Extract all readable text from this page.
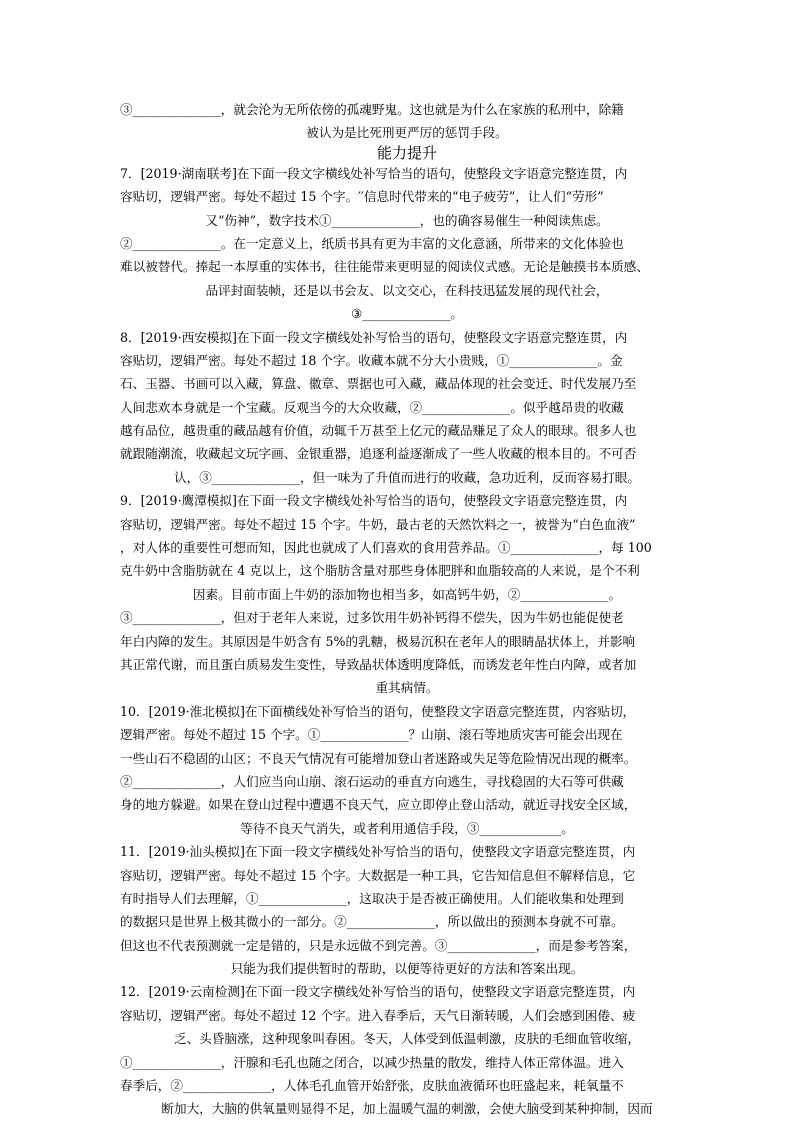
③______________，就会沦为无所依傍的孤魂野鬼。这也就是为什么在家族的私刑中，除籍
被认为是比死刑更严厉的惩罚手段。
能力提升
7．[2019·湖南联考]在下面一段文字横线处补写恰当的语句，使整段文字语意完整连贯，内
容贴切，逻辑严密。每处不超过 15 个字。′′信息时代带来的“电子疲劳”，让人们“劳形”
又“伤神”，数字技术①______________，也的确容易催生一种阅读焦虑。
②______________。在一定意义上，纸质书具有更为丰富的文化意涵，所带来的文化体验也
难以被替代。捧起一本厚重的实体书，往往能带来更明显的阅读仪式感。无论是触摸书本质感、
品评封面装帧，还是以书会友、以文交心，在科技迅猛发展的现代社会，
③______________。
8．[2019·西安模拟]在下面一段文字横线处补写恰当的语句，使整段文字语意完整连贯，内
容贴切，逻辑严密。每处不超过 18 个字。收藏本就不分大小贵贱，①______________。金
石、玉器、书画可以入藏，算盘、徽章、票据也可入藏，藏品体现的社会变迁、时代发展乃至
人间悲欢本身就是一个宝藏。反观当今的大众收藏，②______________。似乎越昂贵的收藏
越有品位，越贵重的藏品越有价值，动辄千万甚至上亿元的藏品赚足了众人的眼球。很多人也
就跟随潮流，收藏起文玩字画、金银重器，追逐利益逐渐成了一些人收藏的根本目的。不可否
认，③______________，但一味为了升值而进行的收藏，急功近利，反而容易打眼。
9．[2019·鹰潭模拟]在下面一段文字横线处补写恰当的语句，使整段文字语意完整连贯，内
容贴切，逻辑严密。每处不超过 15 个字。牛奶，最古老的天然饮料之一，被誉为“白色血液”
，对人体的重要性可想而知，因此也就成了人们喜欢的食用营养品。①______________，每 100
克牛奶中含脂肪就在 4 克以上，这个脂肪含量对那些身体肥胖和血脂较高的人来说，是个不利
因素。目前市面上牛奶的添加物也相当多，如高钙牛奶，②______________。
③______________，但对于老年人来说，过多饮用牛奶补钙得不偿失，因为牛奶也能促使老
年白内障的发生。其原因是牛奶含有 5%的乳糖，极易沉积在老年人的眼睛晶状体上，并影响
其正常代谢，而且蛋白质易发生变性，导致晶状体透明度降低，而诱发老年性白内障，或者加
重其病情。
10．[2019·淮北模拟]在下面横线处补写恰当的语句，使整段文字语意完整连贯，内容贴切，
逻辑严密。每处不超过 15 个字。①______________？山崩、滚石等地质灾害可能会出现在
一些山石不稳固的山区；不良天气情况有可能增加登山者迷路或失足等危险情况出现的概率。
②______________，人们应当向山崩、滚石运动的垂直方向逃生，寻找稳固的大石等可供藏
身的地方躲避。如果在登山过程中遭遇不良天气，应立即停止登山活动，就近寻找安全区域，
等待不良天气消失，或者利用通信手段，③_____________。
11．[2019·汕头模拟]在下面一段文字横线处补写恰当的语句，使整段文字语意完整连贯，内
容贴切，逻辑严密。每处不超过 15 个字。大数据是一种工具，它告知信息但不解释信息，它
有时指导人们去理解，①______________，这取决于是否被正确使用。人们能收集和处理到
的数据只是世界上极其微小的一部分。②______________，所以做出的预测本身就不可靠。
但这也不代表预测就一定是错的，只是永远做不到完善。③______________，而是参考答案，
只能为我们提供暂时的帮助，以便等待更好的方法和答案出现。
12．[2019·云南检测]在下面一段文字横线处补写恰当的语句，使整段文字语意完整连贯，内
容贴切，逻辑严密。每处不超过 12 个字。进入春季后，天气日渐转暖，人们会感到困倦、疲
乏、头昏脑涨，这种现象叫春困。冬天，人体受到低温刺激，皮肤的毛细血管收缩，
①______________，汗腺和毛孔也随之闭合，以减少热量的散发，维持人体正常体温。进入
春季后，②______________，人体毛孔血管开始舒张，皮肤血液循环也旺盛起来，耗氧量不
断加大，大脑的供氧量则显得不足，加上温暖气温的刺激，会使大脑受到某种抑制，因而
